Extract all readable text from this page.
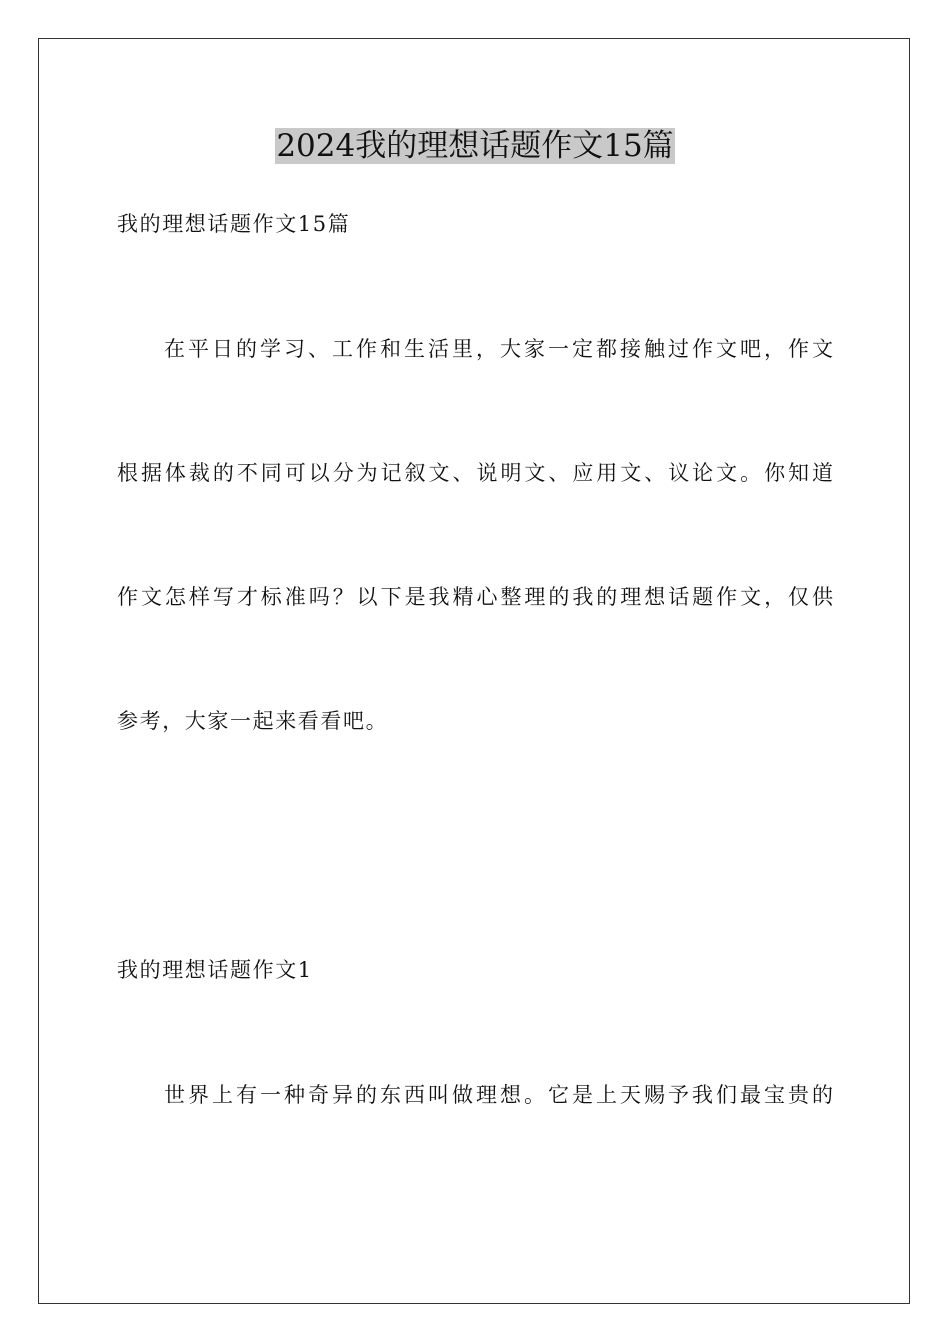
2024我的理想话题作文15篇
我的理想话题作文15篇
在平日的学习、工作和生活里，大家一定都接触过作文吧，作文
根据体裁的不同可以分为记叙文、说明文、应用文、议论文。你知道
作文怎样写才标准吗？以下是我精心整理的我的理想话题作文，仅供
参考，大家一起来看看吧。
我的理想话题作文1
世界上有一种奇异的东西叫做理想。它是上天赐予我们最宝贵的
